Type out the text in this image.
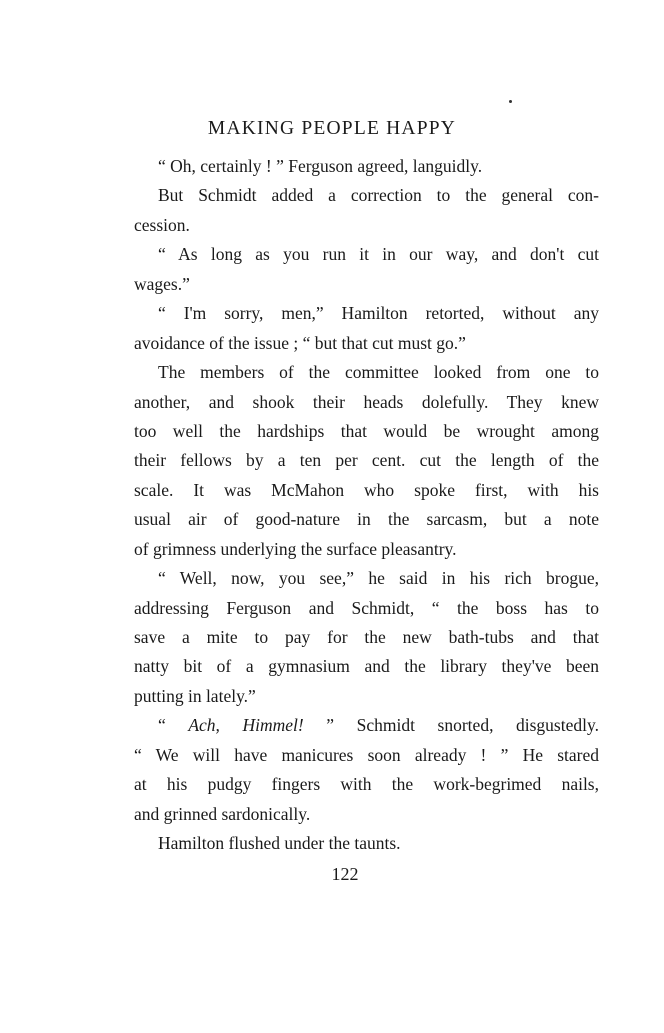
MAKING PEOPLE HAPPY
“ Oh, certainly ! ” Ferguson agreed, languidly.
But Schmidt added a correction to the general con-
cession.
“ As long as you run it in our way, and don't cut
wages.”
“ I'm sorry, men,” Hamilton retorted, without any
avoidance of the issue ; “ but that cut must go.”
The members of the committee looked from one to
another, and shook their heads dolefully. They knew
too well the hardships that would be wrought among
their fellows by a ten per cent. cut the length of the
scale. It was McMahon who spoke first, with his
usual air of good-nature in the sarcasm, but a note
of grimness underlying the surface pleasantry.
“ Well, now, you see,” he said in his rich brogue,
addressing Ferguson and Schmidt, “ the boss has to
save a mite to pay for the new bath-tubs and that
natty bit of a gymnasium and the library they've been
putting in lately.”
“ Ach, Himmel! ” Schmidt snorted, disgustedly.
“ We will have manicures soon already ! ” He stared
at his pudgy fingers with the work-begrimed nails,
and grinned sardonically.
Hamilton flushed under the taunts.
122
